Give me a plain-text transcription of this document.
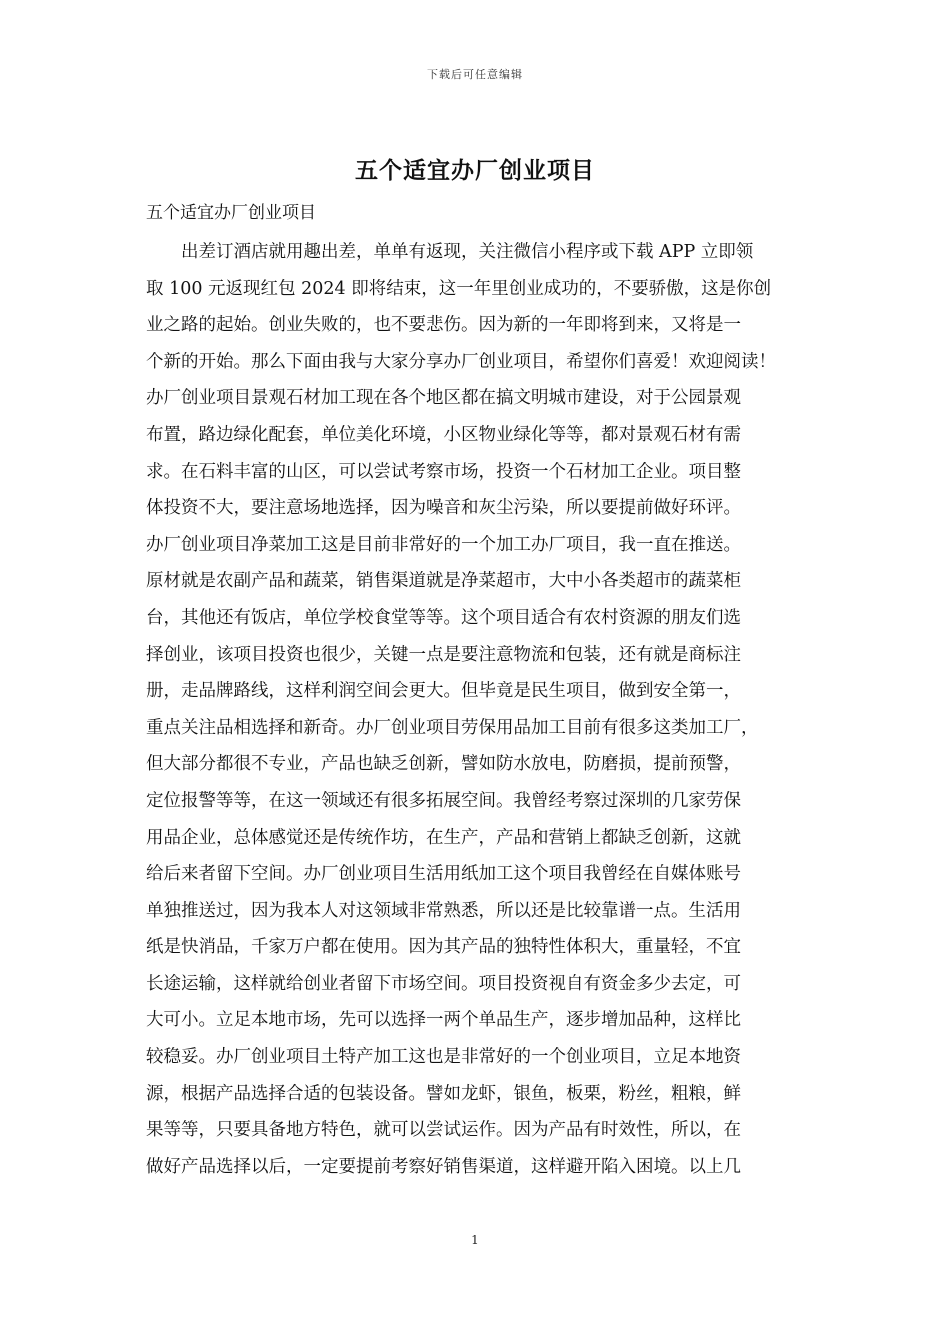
下载后可任意编辑
五个适宜办厂创业项目

五个适宜办厂创业项目

出差订酒店就用趣出差，单单有返现，关注微信小程序或下载 APP 立即领
取 100 元返现红包 2024 即将结束，这一年里创业成功的，不要骄傲，这是你创
业之路的起始。创业失败的，也不要悲伤。因为新的一年即将到来，又将是一
个新的开始。那么下面由我与大家分享办厂创业项目，希望你们喜爱！欢迎阅读！
办厂创业项目景观石材加工现在各个地区都在搞文明城市建设，对于公园景观
布置，路边绿化配套，单位美化环境，小区物业绿化等等，都对景观石材有需
求。在石料丰富的山区，可以尝试考察市场，投资一个石材加工企业。项目整
体投资不大，要注意场地选择，因为噪音和灰尘污染，所以要提前做好环评。
办厂创业项目净菜加工这是目前非常好的一个加工办厂项目，我一直在推送。
原材就是农副产品和蔬菜，销售渠道就是净菜超市，大中小各类超市的蔬菜柜
台，其他还有饭店，单位学校食堂等等。这个项目适合有农村资源的朋友们选
择创业，该项目投资也很少，关键一点是要注意物流和包装，还有就是商标注
册，走品牌路线，这样利润空间会更大。但毕竟是民生项目，做到安全第一，
重点关注品相选择和新奇。办厂创业项目劳保用品加工目前有很多这类加工厂，
但大部分都很不专业，产品也缺乏创新，譬如防水放电，防磨损，提前预警，
定位报警等等，在这一领域还有很多拓展空间。我曾经考察过深圳的几家劳保
用品企业，总体感觉还是传统作坊，在生产，产品和营销上都缺乏创新，这就
给后来者留下空间。办厂创业项目生活用纸加工这个项目我曾经在自媒体账号
单独推送过，因为我本人对这领域非常熟悉，所以还是比较靠谱一点。生活用
纸是快消品，千家万户都在使用。因为其产品的独特性体积大，重量轻，不宜
长途运输，这样就给创业者留下市场空间。项目投资视自有资金多少去定，可
大可小。立足本地市场，先可以选择一两个单品生产，逐步增加品种，这样比
较稳妥。办厂创业项目土特产加工这也是非常好的一个创业项目，立足本地资
源，根据产品选择合适的包装设备。譬如龙虾，银鱼，板栗，粉丝，粗粮，鲜
果等等，只要具备地方特色，就可以尝试运作。因为产品有时效性，所以，在
做好产品选择以后，一定要提前考察好销售渠道，这样避开陷入困境。以上几
1
